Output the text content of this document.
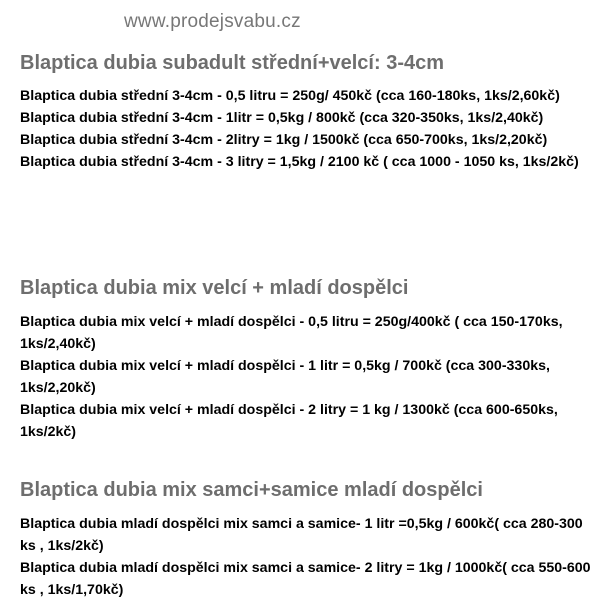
www.prodejsvabu.cz
Blaptica dubia subadult střední+velcí: 3-4cm
Blaptica dubia střední 3-4cm - 0,5 litru = 250g/ 450kč (cca 160-180ks, 1ks/2,60kč)
Blaptica dubia střední 3-4cm - 1litr = 0,5kg / 800kč (cca 320-350ks, 1ks/2,40kč)
Blaptica dubia střední 3-4cm - 2litry = 1kg / 1500kč (cca 650-700ks, 1ks/2,20kč)
Blaptica dubia střední 3-4cm - 3 litry = 1,5kg / 2100 kč ( cca 1000 - 1050 ks, 1ks/2kč)
Blaptica dubia mix velcí + mladí dospělci
Blaptica dubia mix velcí + mladí dospělci - 0,5 litru = 250g/400kč ( cca 150-170ks, 1ks/2,40kč)
Blaptica dubia mix velcí + mladí dospělci - 1 litr = 0,5kg / 700kč (cca 300-330ks, 1ks/2,20kč)
Blaptica dubia mix velcí + mladí dospělci - 2 litry = 1 kg / 1300kč (cca 600-650ks, 1ks/2kč)
Blaptica dubia mix samci+samice mladí dospělci
Blaptica dubia mladí dospělci mix samci a samice- 1 litr =0,5kg / 600kč( cca 280-300 ks , 1ks/2kč)
Blaptica dubia mladí dospělci mix samci a samice- 2 litry = 1kg / 1000kč( cca 550-600 ks , 1ks/1,70kč)
